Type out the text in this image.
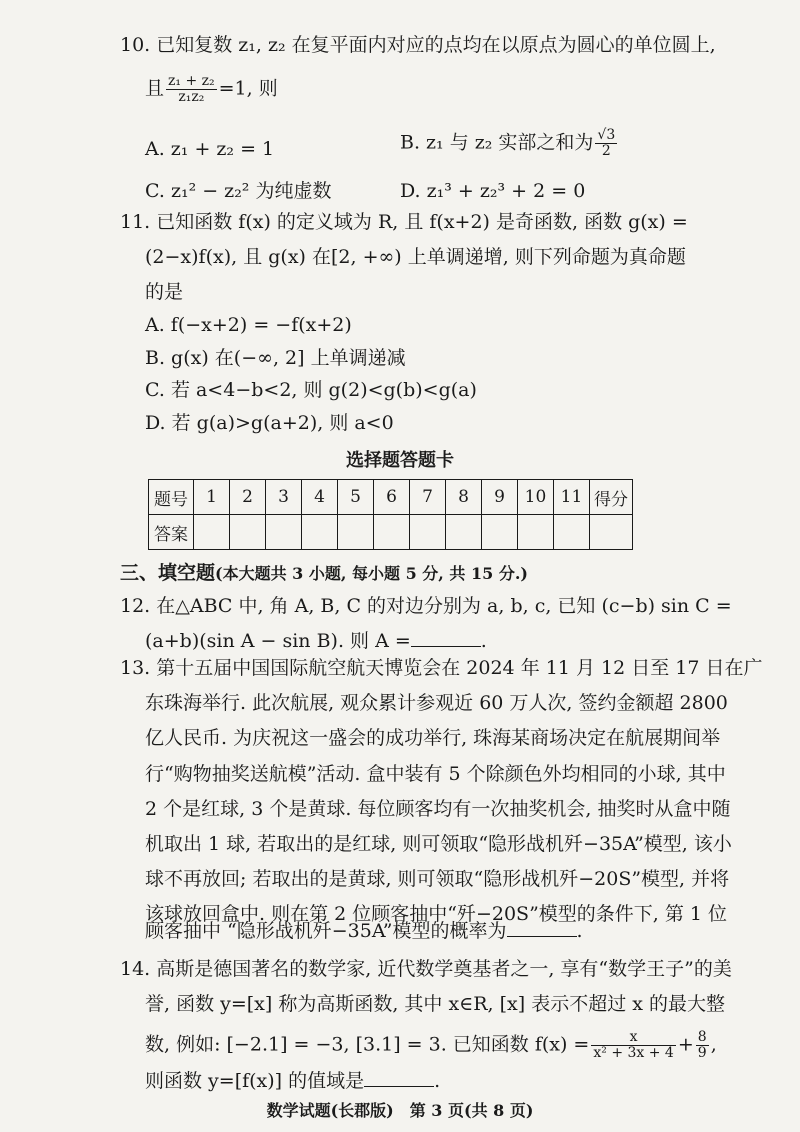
10. 已知复数 z₁, z₂ 在复平面内对应的点均在以原点为圆心的单位圆上,
且 $\frac{\text{z₁ + z₂}}{\text{z₁z₂}} =1$, 则
A. z₁ + z₂ = 1	B. z₁ 与 z₂ 实部之和为 $\frac{√3}{2}$
C. z₁² − z₂² 为纯虚数	D. z₁³ + z₂³ + 2 = 0
11. 已知函数 f(x) 的定义域为 R, 且 f(x+2) 是奇函数, 函数 g(x) =
(2−x)f(x), 且 g(x) 在[2, +∞) 上单调递增, 则下列命题为真命题
的是
A. f(−x+2) = −f(x+2)
B. g(x) 在(−∞, 2] 上单调递减
C. 若 a<4−b<2, 则 g(2)<g(b)<g(a)
D. 若 g(a)>g(a+2), 则 a<0
选择题答题卡
题号	1	2	3	4	5	6	7	8	9	10	11	得分
答案												
三、填空题(本大题共 3 小题, 每小题 5 分, 共 15 分.)
12. 在△ABC 中, 角 A, B, C 的对边分别为 a, b, c, 已知 (c−b) sin C =
(a+b)(sin A − sin B). 则 A =	.
13. 第十五届中国国际航空航天博览会在 2024 年 11 月 12 日至 17 日在广
东珠海举行. 此次航展, 观众累计参观近 60 万人次, 签约金额超 2800
亿人民币. 为庆祝这一盛会的成功举行, 珠海某商场决定在航展期间举
行“购物抽奖送航模”活动. 盒中装有 5 个除颜色外均相同的小球, 其中
2 个是红球, 3 个是黄球. 每位顾客均有一次抽奖机会, 抽奖时从盒中随
机取出 1 球, 若取出的是红球, 则可领取“隐形战机歼−35A”模型, 该小
球不再放回; 若取出的是黄球, 则可领取“隐形战机歼−20S”模型, 并将
该球放回盒中. 则在第 2 位顾客抽中“歼−20S”模型的条件下, 第 1 位
顾客抽中 “隐形战机歼−35A”模型的概率为	.
14. 高斯是德国著名的数学家, 近代数学奠基者之一, 享有“数学王子”的美
誉, 函数 y=[x] 称为高斯函数, 其中 x∈R, [x] 表示不超过 x 的最大整
数, 例如: [−2.1] = −3, [3.1] = 3. 已知函数 $f(x) = \frac{x}{\text{x² + 3x + 4}} + \frac{8}{9}$ ,
则函数 y=[f(x)] 的值域是	.
数学试题(长郡版)　第 3 页(共 8 页)
